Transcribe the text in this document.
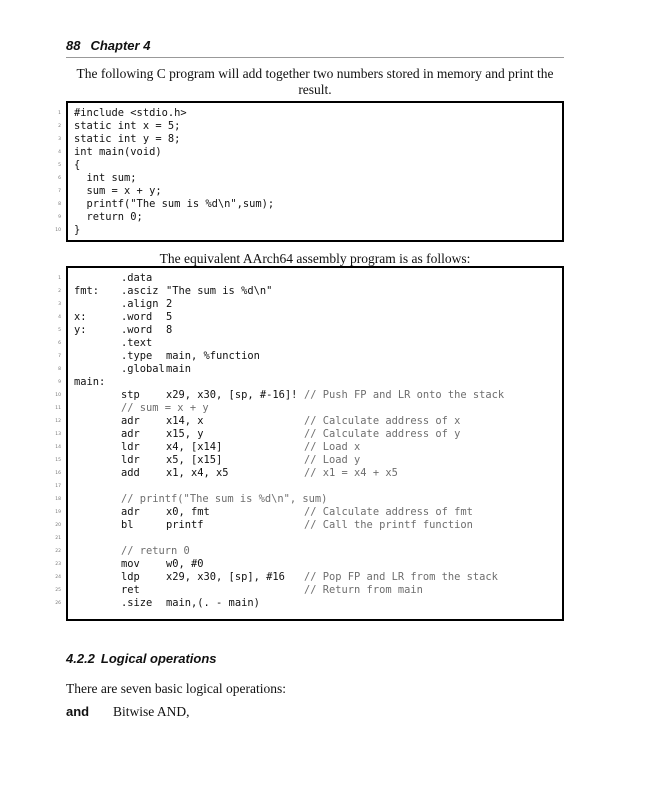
88 Chapter 4
The following C program will add together two numbers stored in memory and print the result.
1 #include <stdio.h>
2 static int x = 5;
3 static int y = 8;
4 int main(void)
5 {
6 int sum;
7 sum = x + y;
8 printf("The sum is %d\n",sum);
9 return 0;
10 }
The equivalent AArch64 assembly program is as follows:
1	.data
2 fmt: .asciz "The sum is %d\n"
3	.align 2
4 x:	.word 5
5 y:	.word 8
6	.text
7	.type main, %function
8	.global main
9 main:
10	stp	x29, x30, [sp, #-16]! // Push FP and LR onto the stack
11	// sum = x + y
12	adr	x14, x	// Calculate address of x
13	adr	x15, y	// Calculate address of y
14	ldr	x4, [x14]	// Load x
15	ldr	x5, [x15]	// Load y
16	add	x1, x4, x5	// x1 = x4 + x5
17
18	// printf("The sum is %d\n", sum)
19	adr	x0, fmt	// Calculate address of fmt
20	bl	printf	// Call the printf function
21
22	// return 0
23	mov	w0, #0
24	ldp	x29, x30, [sp], #16 // Pop FP and LR from the stack
25	ret	// Return from main
26	.size main,(. - main)
4.2.2 Logical operations
There are seven basic logical operations:
and Bitwise AND,
